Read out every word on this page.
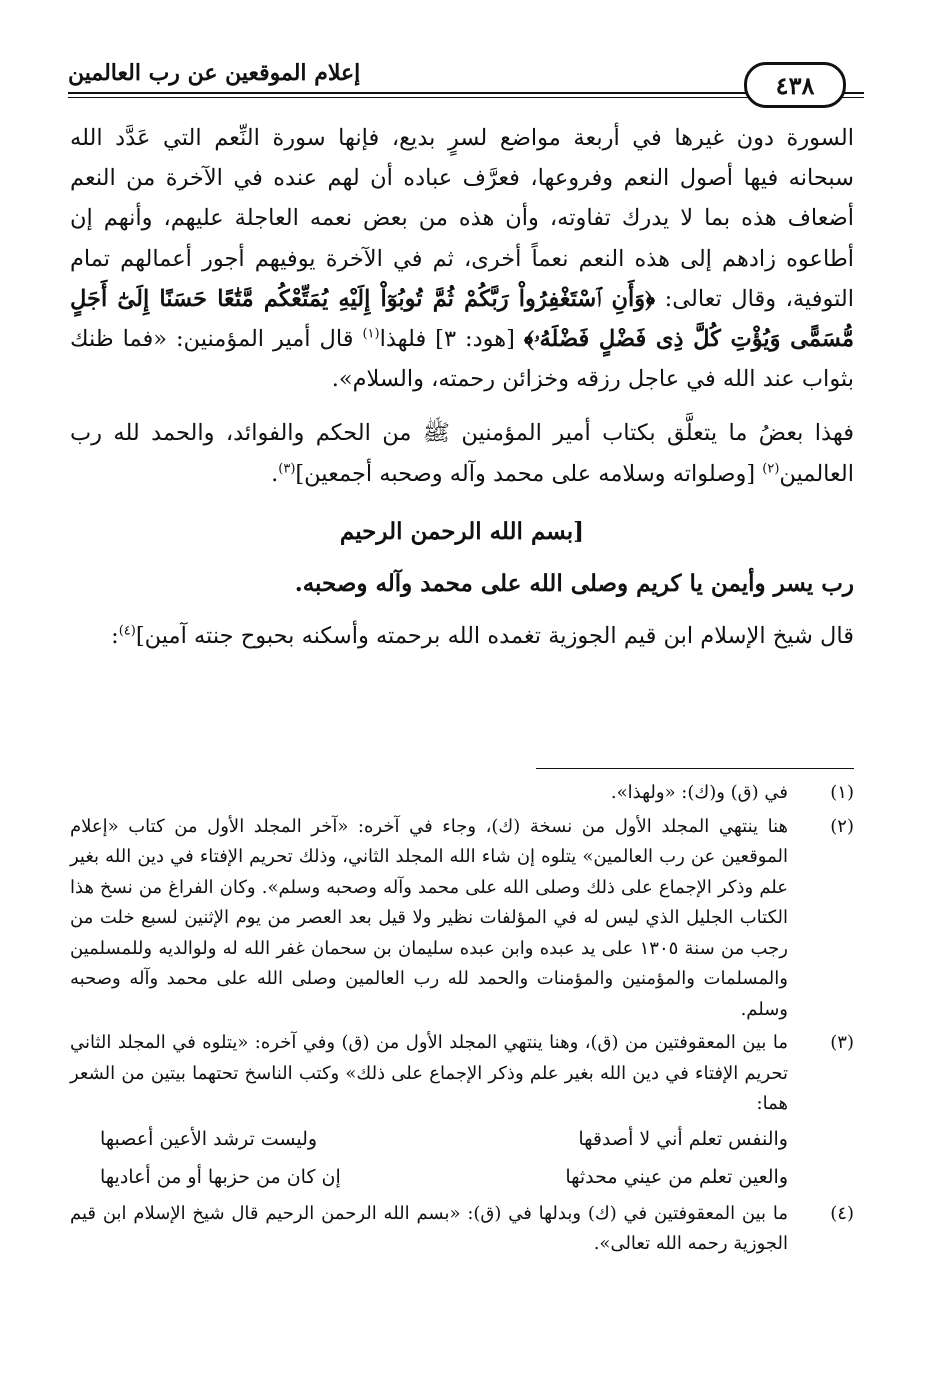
إعلام الموقعين عن رب العالمين	٤٣٨

السورة دون غيرها في أربعة مواضع لسرٍ بديع، فإنها سورة النِّعم التي عَدَّد الله سبحانه فيها أصول النعم وفروعها، فعرَّف عباده أن لهم عنده في الآخرة من النعم أضعاف هذه بما لا يدرك تفاوته، وأن هذه من بعض نعمه العاجلة عليهم، وأنهم إن أطاعوه زادهم إلى هذه النعم نعماً أخرى، ثم في الآخرة يوفيهم أجور أعمالهم تمام التوفية، وقال تعالى: ﴿وَأَنِ ٱسْتَغْفِرُواْ رَبَّكُمْ ثُمَّ تُوبُوٓاْ إِلَيْهِ يُمَتِّعْكُم مَّتَٰعًا حَسَنًا إِلَىٰٓ أَجَلٍ مُّسَمًّى وَيُؤْتِ كُلَّ ذِى فَضْلٍ فَضْلَهُۥ﴾ [هود: ٣] فلهذا$^{(١)}$ قال أمير المؤمنين: «فما ظنك بثواب عند الله في عاجل رزقه وخزائن رحمته، والسلام».

فهذا بعضُ ما يتعلَّق بكتاب أمير المؤمنين ﷺ من الحكم والفوائد، والحمد لله رب العالمين$^{(٢)}$ [وصلواته وسلامه على محمد وآله وصحبه أجمعين]$^{(٣)}$.

[بسم الله الرحمن الرحيم

رب يسر وأيمن يا كريم وصلى الله على محمد وآله وصحبه.

قال شيخ الإسلام ابن قيم الجوزية تغمده الله برحمته وأسكنه بحبوح جنته آمين]$^{(٤)}$:

(١)
في (ق) و(ك): «ولهذا».
(٢)
هنا ينتهي المجلد الأول من نسخة (ك)، وجاء في آخره: «آخر المجلد الأول من كتاب «إعلام الموقعين عن رب العالمين» يتلوه إن شاء الله المجلد الثاني، وذلك تحريم الإفتاء في دين الله بغير علم وذكر الإجماع على ذلك وصلى الله على محمد وآله وصحبه وسلم». وكان الفراغ من نسخ هذا الكتاب الجليل الذي ليس له في المؤلفات نظير ولا قيل بعد العصر من يوم الإثنين لسبع خلت من رجب من سنة ١٣٠٥ على يد عبده وابن عبده سليمان بن سحمان غفر الله له ولوالديه وللمسلمين والمسلمات والمؤمنين والمؤمنات والحمد لله رب العالمين وصلى الله على محمد وآله وصحبه وسلم.
(٣)
ما بين المعقوفتين من (ق)، وهنا ينتهي المجلد الأول من (ق) وفي آخره: «يتلوه في المجلد الثاني تحريم الإفتاء في دين الله بغير علم وذكر الإجماع على ذلك» وكتب الناسخ تحتهما بيتين من الشعر هما:
والنفس تعلم أني لا أصدقها
وليست ترشد الأعين أعصبها
والعين تعلم من عيني محدثها
إن كان من حزبها أو من أعاديها
(٤)
ما بين المعقوفتين في (ك) وبدلها في (ق): «بسم الله الرحمن الرحيم قال شيخ الإسلام ابن قيم الجوزية رحمه الله تعالى».
